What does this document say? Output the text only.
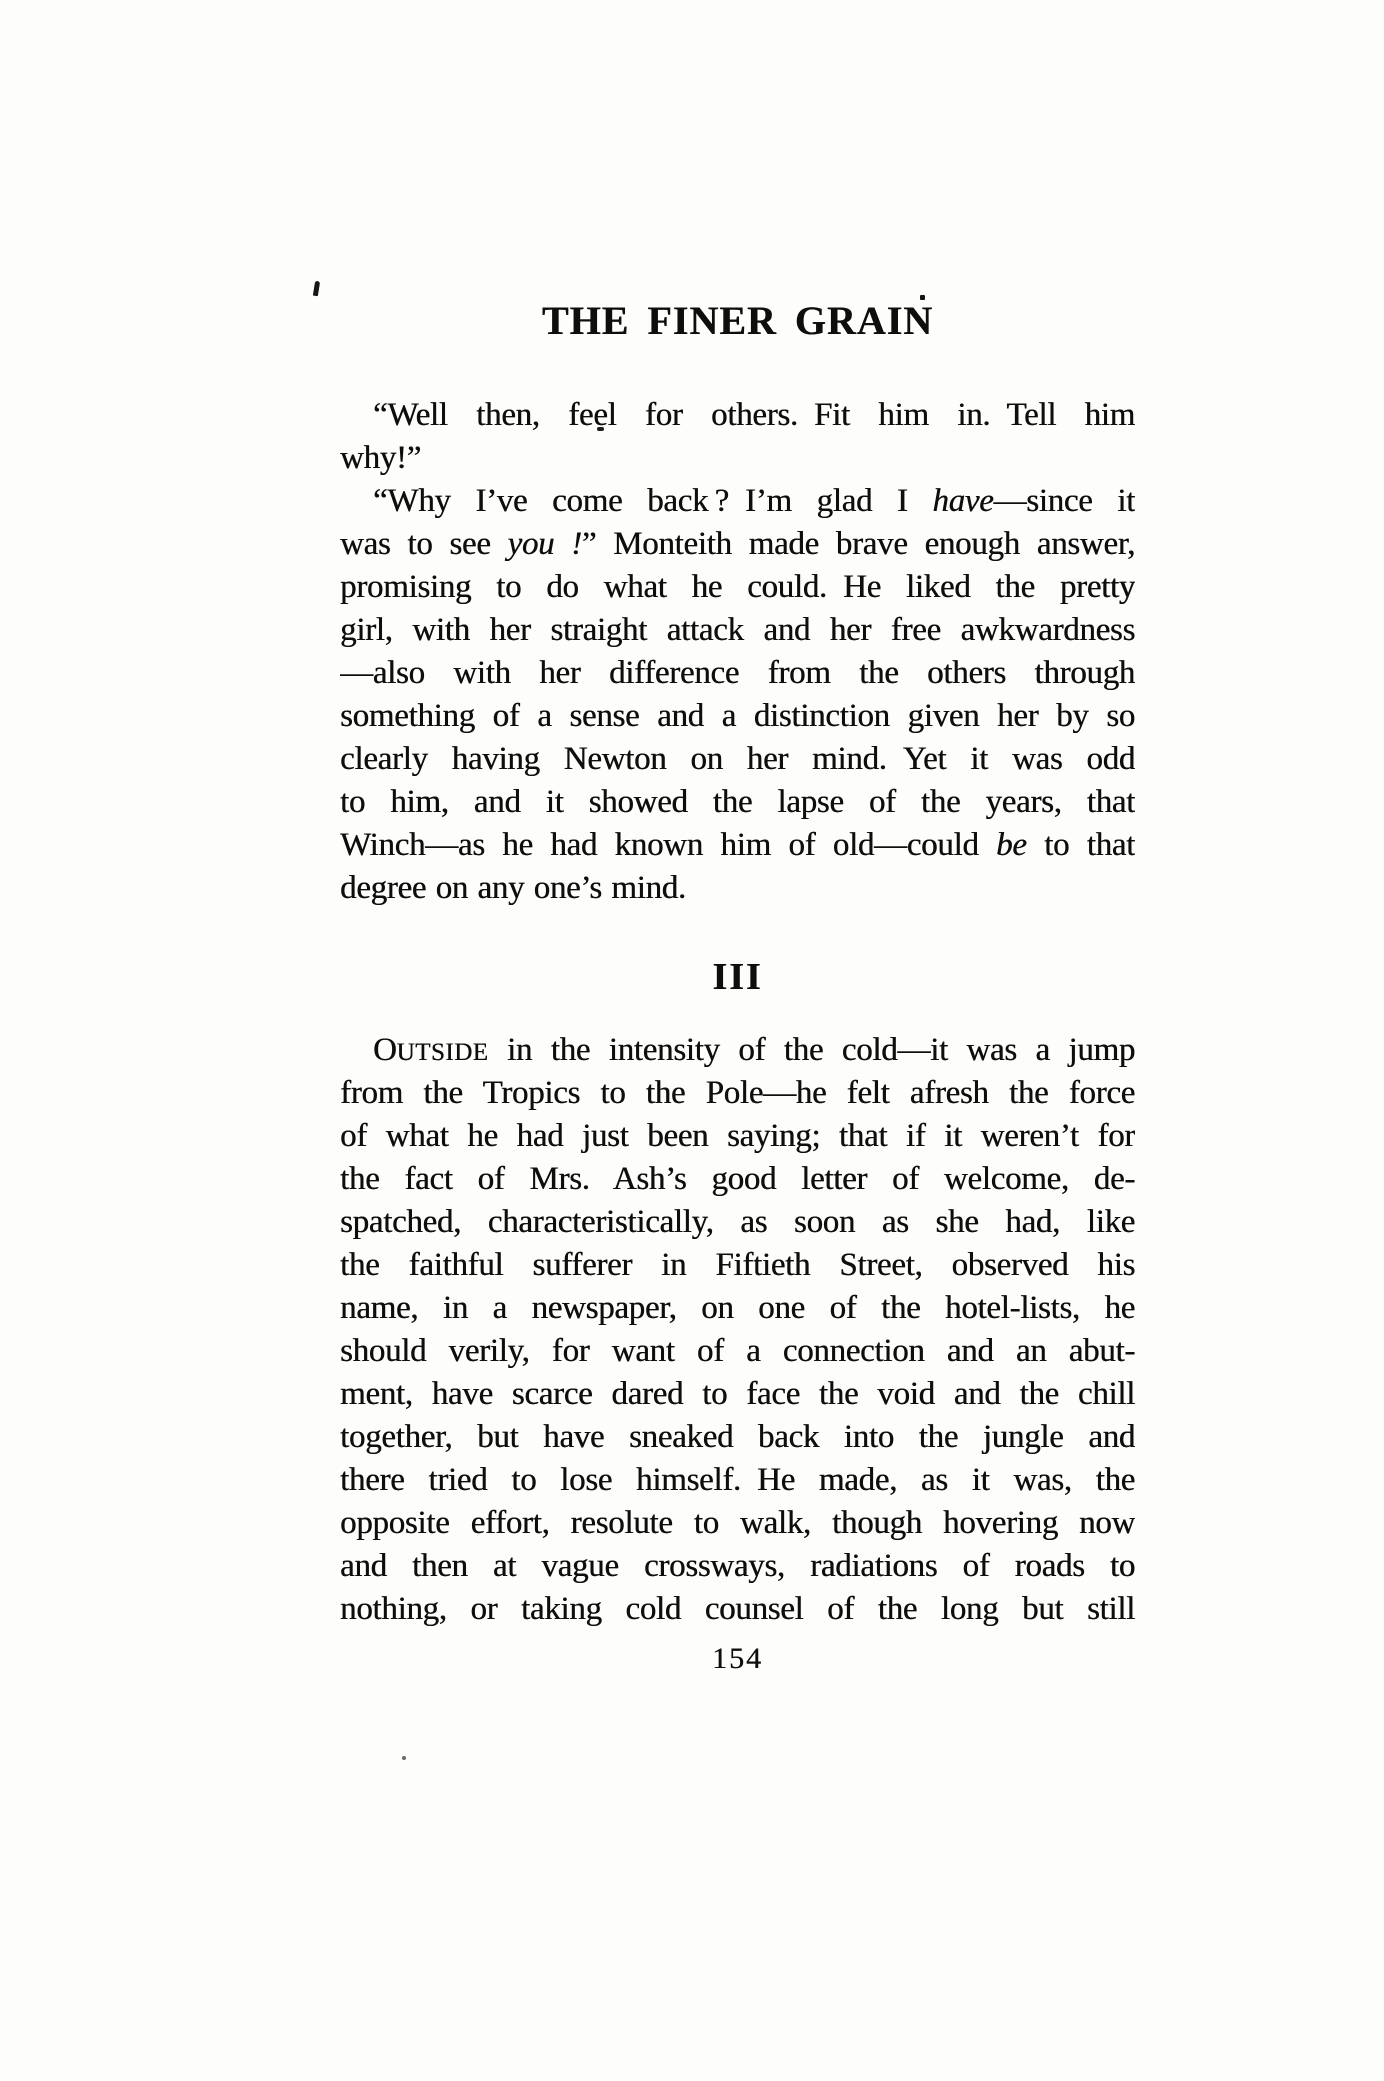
THE FINER GRAIN

“Well then, feel for others. Fit him in. Tell him

why!”

“Why I’ve come back ? I’m glad I have—since it

was to see you !” Monteith made brave enough answer,

promising to do what he could. He liked the pretty

girl, with her straight attack and her free awkwardness

—also with her difference from the others through

something of a sense and a distinction given her by so

clearly having Newton on her mind. Yet it was odd

to him, and it showed the lapse of the years, that

Winch—as he had known him of old—could be to that

degree on any one’s mind.

III

OUTSIDE in the intensity of the cold—it was a jump

from the Tropics to the Pole—he felt afresh the force

of what he had just been saying; that if it weren’t for

the fact of Mrs. Ash’s good letter of welcome, de-

spatched, characteristically, as soon as she had, like

the faithful sufferer in Fiftieth Street, observed his

name, in a newspaper, on one of the hotel-lists, he

should verily, for want of a connection and an abut-

ment, have scarce dared to face the void and the chill

together, but have sneaked back into the jungle and

there tried to lose himself. He made, as it was, the

opposite effort, resolute to walk, though hovering now

and then at vague crossways, radiations of roads to

nothing, or taking cold counsel of the long but still

154
